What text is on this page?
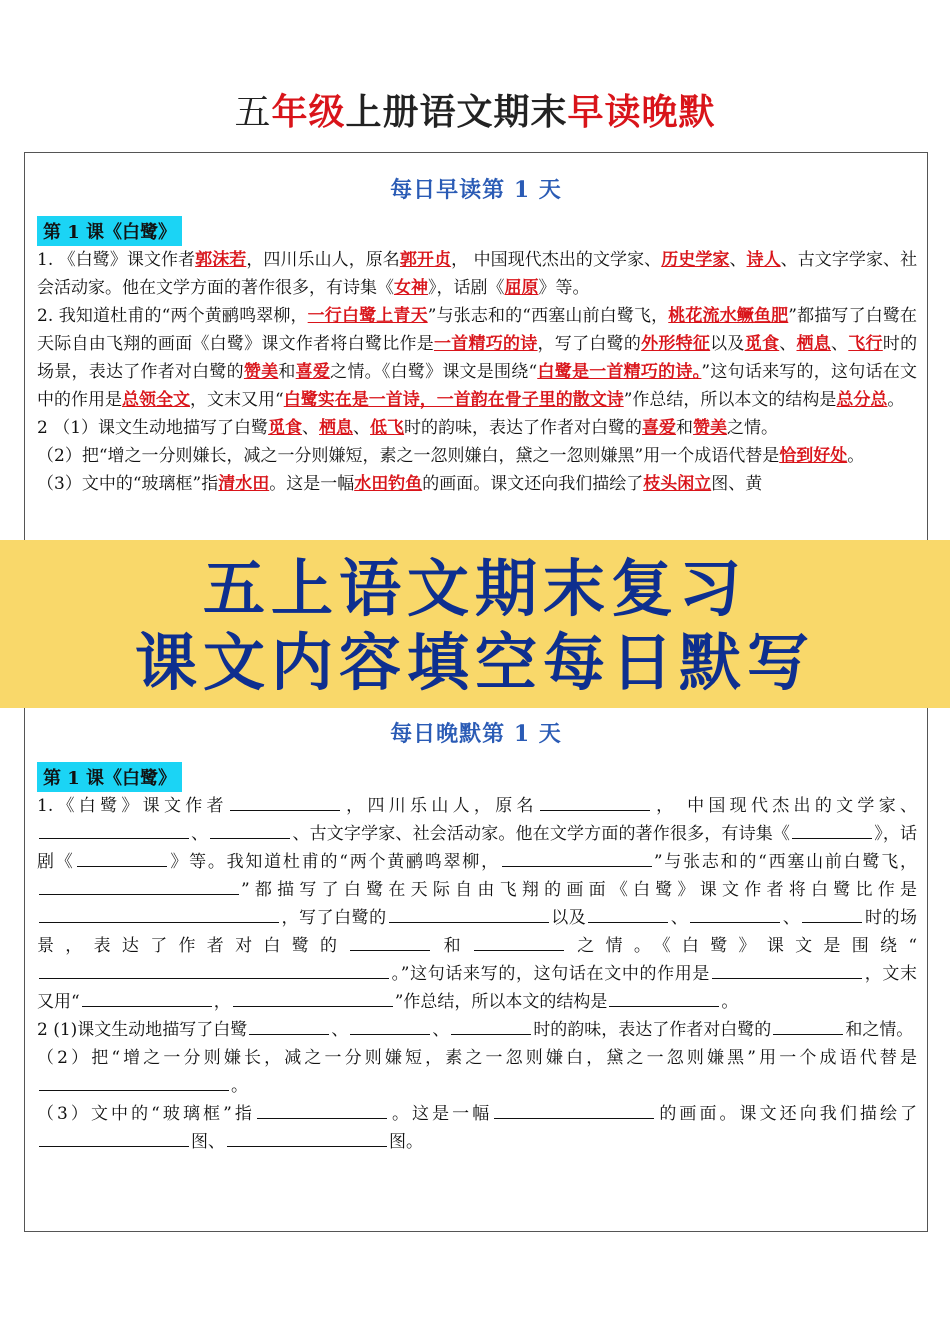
五年级上册语文期末早读晚默
每日早读第 1 天
第 1 课《白鹭》
1. 《白鹭》课文作者郭沫若，四川乐山人，原名郭开贞， 中国现代杰出的文学家、历史学家、诗人、古文字学家、社会活动家。他在文学方面的著作很多，有诗集《女神》，话剧《屈原》等。
2. 我知道杜甫的“两个黄鹂鸣翠柳，一行白鹭上青天”与张志和的“西塞山前白鹭飞，桃花流水鳜鱼肥”都描写了白鹭在天际自由飞翔的画面《白鹭》课文作者将白鹭比作是一首精巧的诗，写了白鹭的外形特征以及觅食、栖息、飞行时的场景，表达了作者对白鹭的赞美和喜爱之情。《白鹭》课文是围绕“白鹭是一首精巧的诗。”这句话来写的，这句话在文中的作用是总领全文，文末又用“白鹭实在是一首诗，一首韵在骨子里的散文诗”作总结，所以本文的结构是总分总。
2 （1）课文生动地描写了白鹭觅食、栖息、低飞时的韵味，表达了作者对白鹭的喜爱和赞美之情。
（2）把“增之一分则嫌长，减之一分则嫌短，素之一忽则嫌白，黛之一忽则嫌黑”用一个成语代替是恰到好处。
（3）文中的“玻璃框”指清水田。这是一幅水田钓鱼的画面。课文还向我们描绘了枝头闲立图、黄
每日晚默第 1 天
第 1 课《白鹭》
1.《白鹭》课文作者	，四川乐山人，原名	， 中国现代杰出的文学家、、	、古文字学家、社会活动家。他在文学方面的著作很多，有诗集《	》，话剧《	》等。我知道杜甫的“两个黄鹂鸣翠柳，	”与张志和的“西塞山前白鹭飞，”都描写了白鹭在天际自由飞翔的画面《白鹭》课文作者将白鹭比作是，写了白鹭的	以及	、	、	时的场景，表达了作者对白鹭的	和	之情。《白鹭》课文是围绕“。”这句话来写的，这句话在文中的作用是	，文末又用“	，	”作总结，所以本文的结构是	。
2 (1)课文生动地描写了白鹭	、	、	时的韵味，表达了作者对白鹭的	和之情。
（2）把“增之一分则嫌长，减之一分则嫌短，素之一忽则嫌白，黛之一忽则嫌黑”用一个成语代替是。
（3）文中的“玻璃框”指	。这是一幅	的画面。课文还向我们描绘了图、	图。
五上语文期末复习
课文内容填空每日默写
